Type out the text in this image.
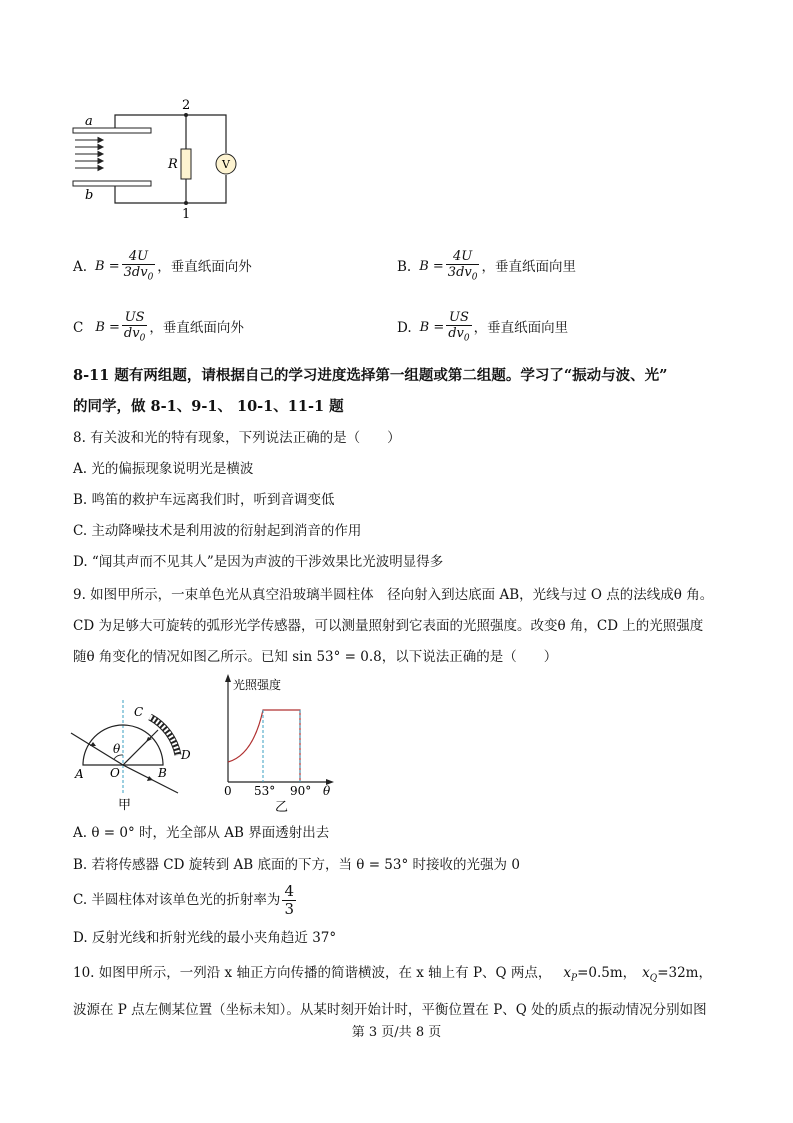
V
a
b
R
2
1
A. $B = \frac{4U}{3dv_0}$ ，垂直纸面向外	B. $B = \frac{4U}{3dv_0}$ ，垂直纸面向里
C $B = \frac{US}{dv_0}$ ，垂直纸面向外	D. $B = \frac{US}{dv_0}$ ，垂直纸面向里
8-11 题有两组题，请根据自己的学习进度选择第一组题或第二组题。学习了“振动与波、光”
的同学，做 8-1、9-1、 10-1、11-1 题
8. 有关波和光的特有现象，下列说法正确的是（　　）
A. 光的偏振现象说明光是横波
B. 鸣笛的救护车远离我们时，听到音调变低
C. 主动降噪技术是利用波的衍射起到消音的作用
D. “闻其声而不见其人”是因为声波的干涉效果比光波明显得多
9. 如图甲所示，一束单色光从真空沿玻璃半圆柱体　径向射入到达底面 AB，光线与过 O 点的法线成θ 角。
CD 为足够大可旋转的弧形光学传感器，可以测量照射到它表面的光照强度。改变θ 角，CD 上的光照强度
随θ 角变化的情况如图乙所示。已知 sin 53° = 0.8，以下说法正确的是（　　）
θ
A O	B
C
D
甲
光照强度
0 53° 90° θ
乙
A. θ = 0° 时，光全部从 AB 界面透射出去
B. 若将传感器 CD 旋转到 AB 底面的下方，当 θ = 53° 时接收的光强为 0
C. 半圆柱体对该单色光的折射率为 $\frac{4}{3}$
D. 反射光线和折射光线的最小夹角趋近 37°
10. 如图甲所示，一列沿 x 轴正方向传播的简谐横波，在 x 轴上有 P、Q 两点， $x_P=0.5m$， $x_Q=32m$，
波源在 P 点左侧某位置（坐标未知）。从某时刻开始计时，平衡位置在 P、Q 处的质点的振动情况分别如图
第 3 页/共 8 页
